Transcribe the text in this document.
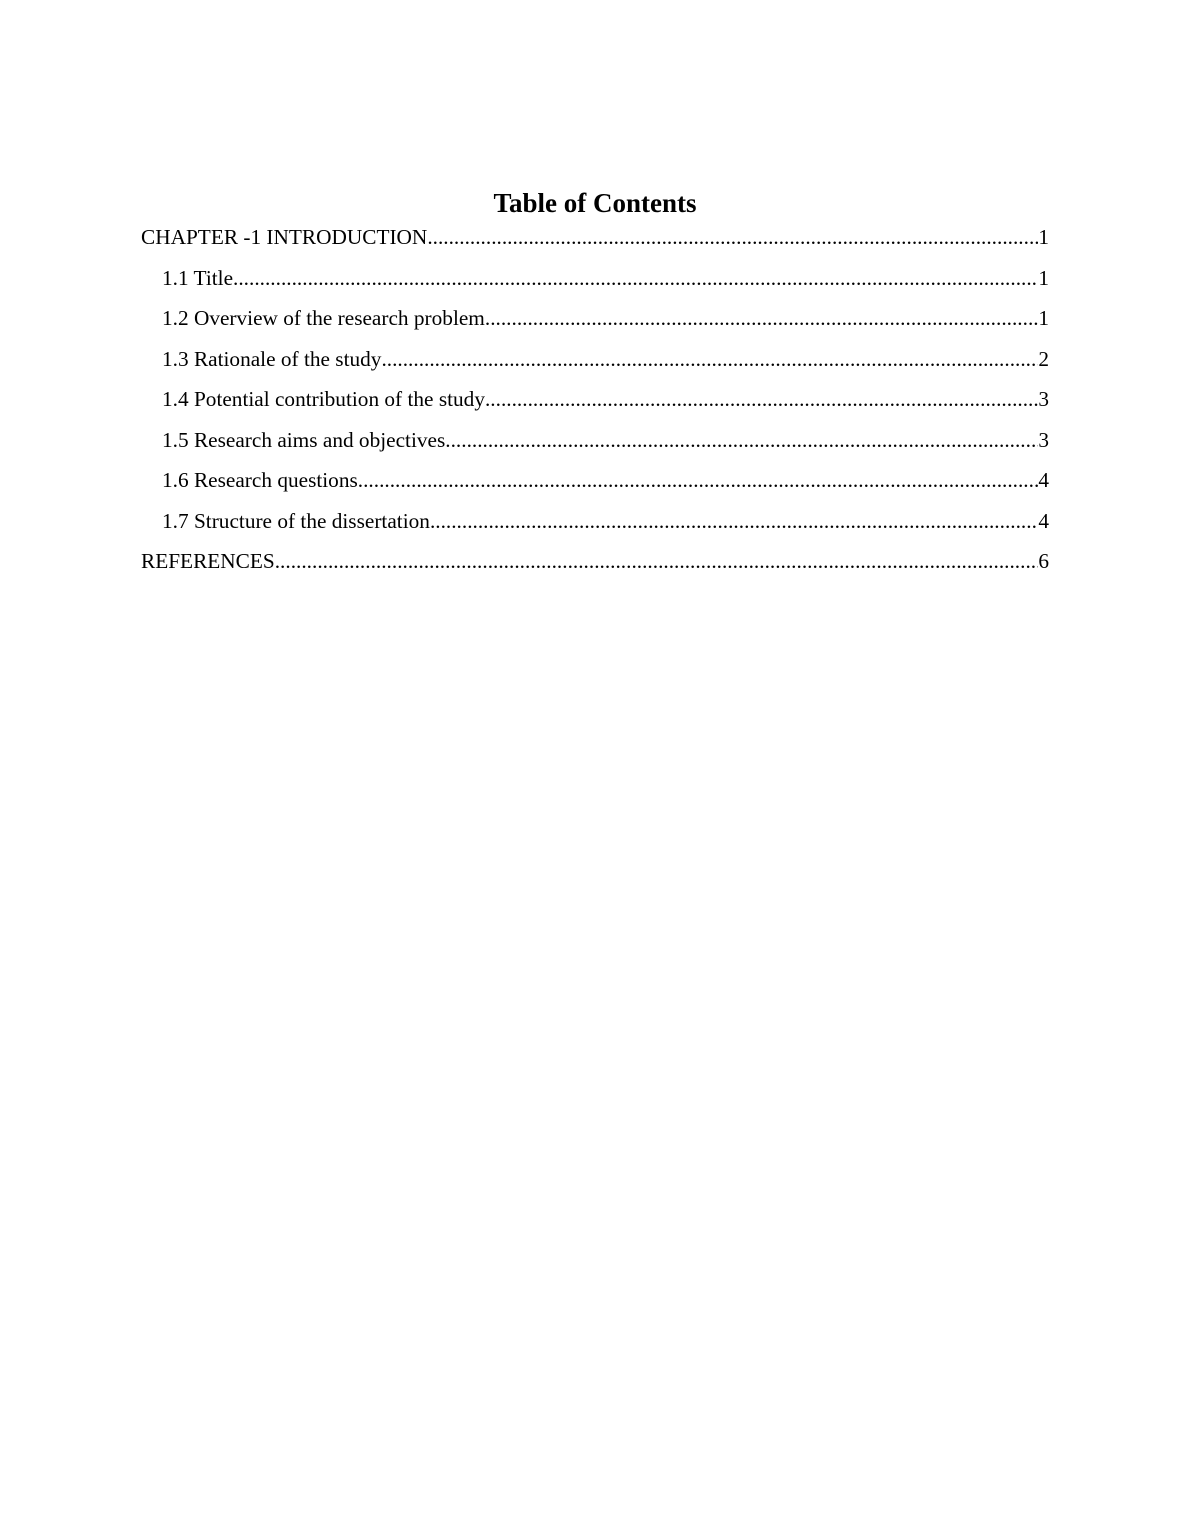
Table of Contents
CHAPTER -1 INTRODUCTION .....	1
1.1 Title .....	1
1.2 Overview of the research problem .....	1
1.3 Rationale of the study .....	2
1.4 Potential contribution of the study .....	3
1.5 Research aims and objectives .....	3
1.6 Research questions .....	4
1.7 Structure of the dissertation .....	4
REFERENCES .....	6
